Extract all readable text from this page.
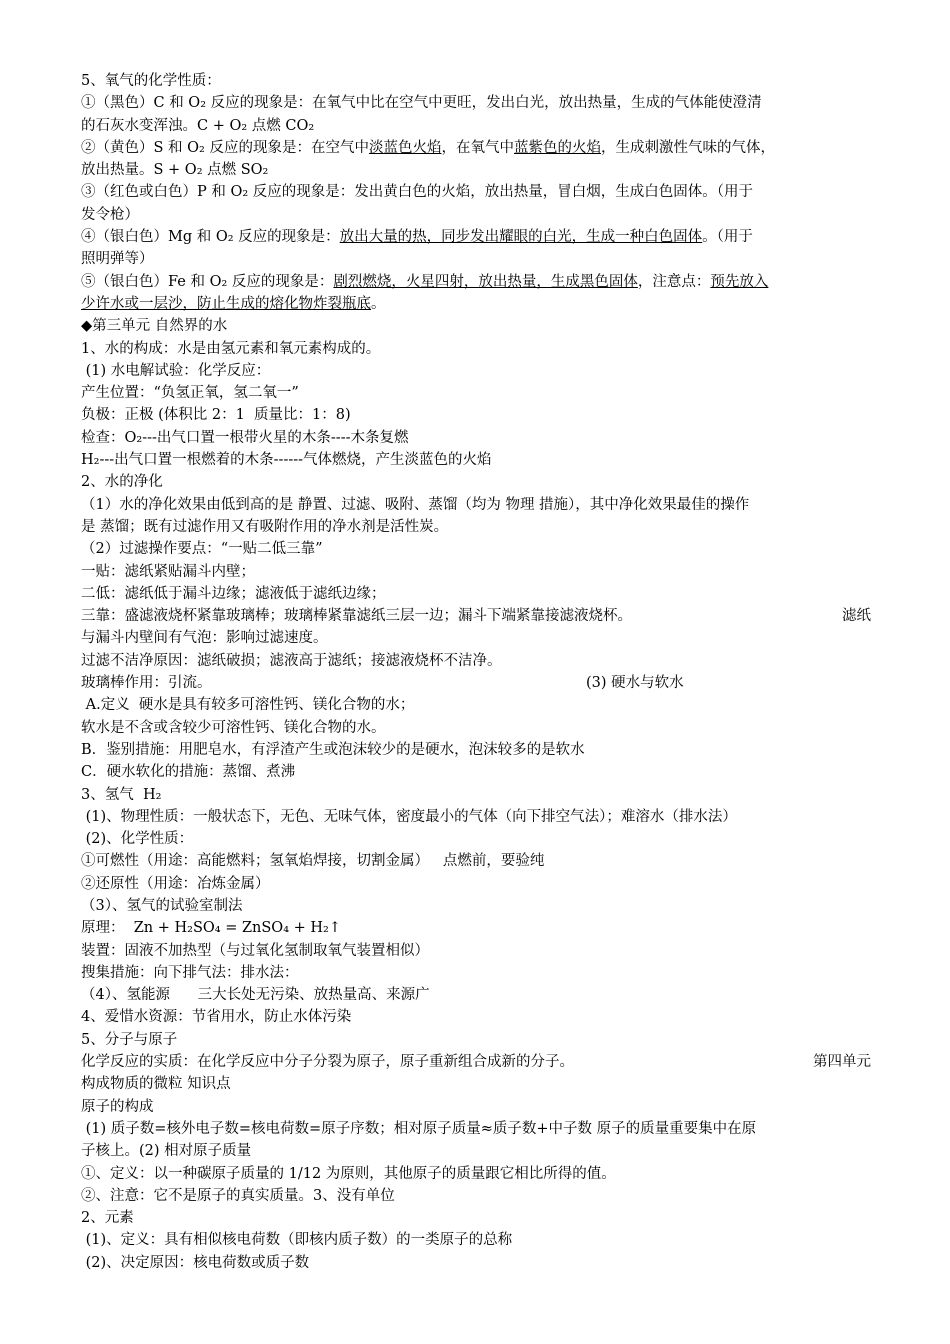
5、氧气的化学性质：
①（黑色）C 和 O₂ 反应的现象是：在氧气中比在空气中更旺，发出白光，放出热量，生成的气体能使澄清
的石灰水变浑浊。C + O₂ 点燃 CO₂
②（黄色）S 和 O₂ 反应的现象是：在空气中淡蓝色火焰，在氧气中蓝紫色的火焰，生成刺激性气味的气体，
放出热量。S + O₂ 点燃 SO₂
③（红色或白色）P 和 O₂ 反应的现象是：发出黄白色的火焰，放出热量，冒白烟，生成白色固体。（用于
发令枪）
④（银白色）Mg 和 O₂ 反应的现象是：放出大量的热，同步发出耀眼的白光，生成一种白色固体。（用于
照明弹等）
⑤（银白色）Fe 和 O₂ 反应的现象是：剧烈燃烧，火星四射，放出热量，生成黑色固体，注意点：预先放入
少许水或一层沙，防止生成的熔化物炸裂瓶底。
◆第三单元 自然界的水
1、水的构成：水是由氢元素和氧元素构成的。
(1) 水电解试验：化学反应：
产生位置：“负氢正氧，氢二氧一”
负极：正极 (体积比 2：1  质量比：1：8)
检查：O₂---出气口置一根带火星的木条----木条复燃
H₂---出气口置一根燃着的木条------气体燃烧，产生淡蓝色的火焰
2、水的净化
（1）水的净化效果由低到高的是 静置、过滤、吸附、蒸馏（均为 物理 措施），其中净化效果最佳的操作
是 蒸馏；既有过滤作用又有吸附作用的净水剂是活性炭。
（2）过滤操作要点：“一贴二低三靠”
一贴：滤纸紧贴漏斗内壁；
二低：滤纸低于漏斗边缘；滤液低于滤纸边缘；
三靠：盛滤液烧杯紧靠玻璃棒；玻璃棒紧靠滤纸三层一边；漏斗下端紧靠接滤液烧杯。	滤纸
与漏斗内壁间有气泡：影响过滤速度。
过滤不洁净原因：滤纸破损；滤液高于滤纸；接滤液烧杯不洁净。
玻璃棒作用：引流。	(3) 硬水与软水
A.定义  硬水是具有较多可溶性钙、镁化合物的水；
软水是不含或含较少可溶性钙、镁化合物的水。
B．鉴别措施：用肥皂水，有浮渣产生或泡沫较少的是硬水，泡沫较多的是软水
C．硬水软化的措施：蒸馏、煮沸
3、氢气  H₂
(1)、物理性质：一般状态下，无色、无味气体，密度最小的气体（向下排空气法）；难溶水（排水法）
(2)、化学性质：
①可燃性（用途：高能燃料；氢氧焰焊接，切割金属）   点燃前，要验纯
②还原性（用途：冶炼金属）
（3）、氢气的试验室制法
原理：  Zn + H₂SO₄ = ZnSO₄ + H₂↑
装置：固液不加热型（与过氧化氢制取氧气装置相似）
搜集措施：向下排气法：排水法：
（4）、氢能源      三大长处无污染、放热量高、来源广
4、爱惜水资源：节省用水，防止水体污染
5、分子与原子
化学反应的实质：在化学反应中分子分裂为原子，原子重新组合成新的分子。	第四单元
构成物质的微粒 知识点
原子的构成
(1) 质子数=核外电子数=核电荷数=原子序数；相对原子质量≈质子数+中子数 原子的质量重要集中在原
子核上。(2) 相对原子质量
①、定义：以一种碳原子质量的 1/12 为原则，其他原子的质量跟它相比所得的值。
②、注意：它不是原子的真实质量。3、没有单位
2、元素
(1)、定义：具有相似核电荷数（即核内质子数）的一类原子的总称
(2)、决定原因：核电荷数或质子数
